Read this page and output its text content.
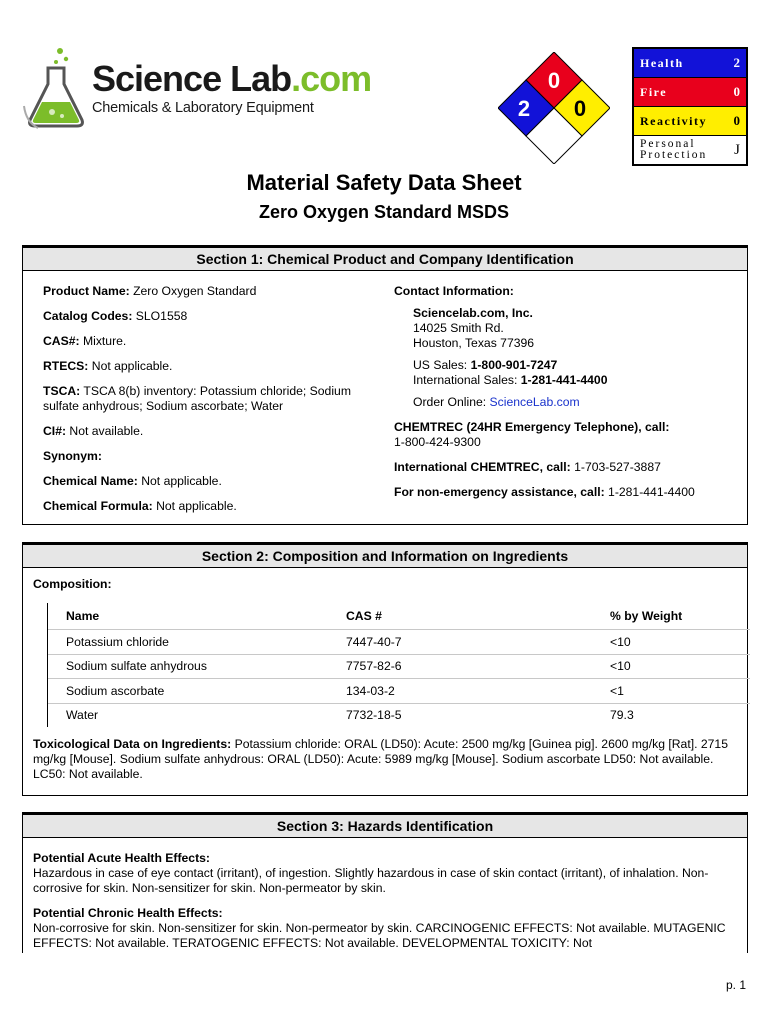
Science Lab.com
Chemicals & Laboratory Equipment
0
2 0
Health	2
Fire	0
Reactivity 0
Personal
Protection J
Material Safety Data Sheet
Zero Oxygen Standard MSDS
Section 1: Chemical Product and Company Identification
Product Name: Zero Oxygen Standard
Catalog Codes: SLO1558
CAS#: Mixture.
RTECS: Not applicable.
TSCA: TSCA 8(b) inventory: Potassium chloride; Sodium sulfate anhydrous; Sodium ascorbate; Water
CI#: Not available.
Synonym:
Chemical Name: Not applicable.
Chemical Formula: Not applicable.
Contact Information:
Sciencelab.com, Inc.
14025 Smith Rd.
Houston, Texas 77396
US Sales: 1-800-901-7247
International Sales: 1-281-441-4400
Order Online: ScienceLab.com
CHEMTREC (24HR Emergency Telephone), call:
1-800-424-9300
International CHEMTREC, call: 1-703-527-3887
For non-emergency assistance, call: 1-281-441-4400
Section 2: Composition and Information on Ingredients
Composition:
Name	CAS #	% by Weight
Potassium chloride	7447-40-7	<10
Sodium sulfate anhydrous	7757-82-6	<10
Sodium ascorbate	134-03-2	<1
Water	7732-18-5	79.3
Toxicological Data on Ingredients: Potassium chloride: ORAL (LD50): Acute: 2500 mg/kg [Guinea pig]. 2600 mg/kg [Rat]. 2715 mg/kg [Mouse]. Sodium sulfate anhydrous: ORAL (LD50): Acute: 5989 mg/kg [Mouse]. Sodium ascorbate LD50: Not available. LC50: Not available.
Section 3: Hazards Identification
Potential Acute Health Effects:
Hazardous in case of eye contact (irritant), of ingestion. Slightly hazardous in case of skin contact (irritant), of inhalation. Non-corrosive for skin. Non-sensitizer for skin. Non-permeator by skin.
Potential Chronic Health Effects:
Non-corrosive for skin. Non-sensitizer for skin. Non-permeator by skin. CARCINOGENIC EFFECTS: Not available. MUTAGENIC EFFECTS: Not available. TERATOGENIC EFFECTS: Not available. DEVELOPMENTAL TOXICITY: Not
p. 1
